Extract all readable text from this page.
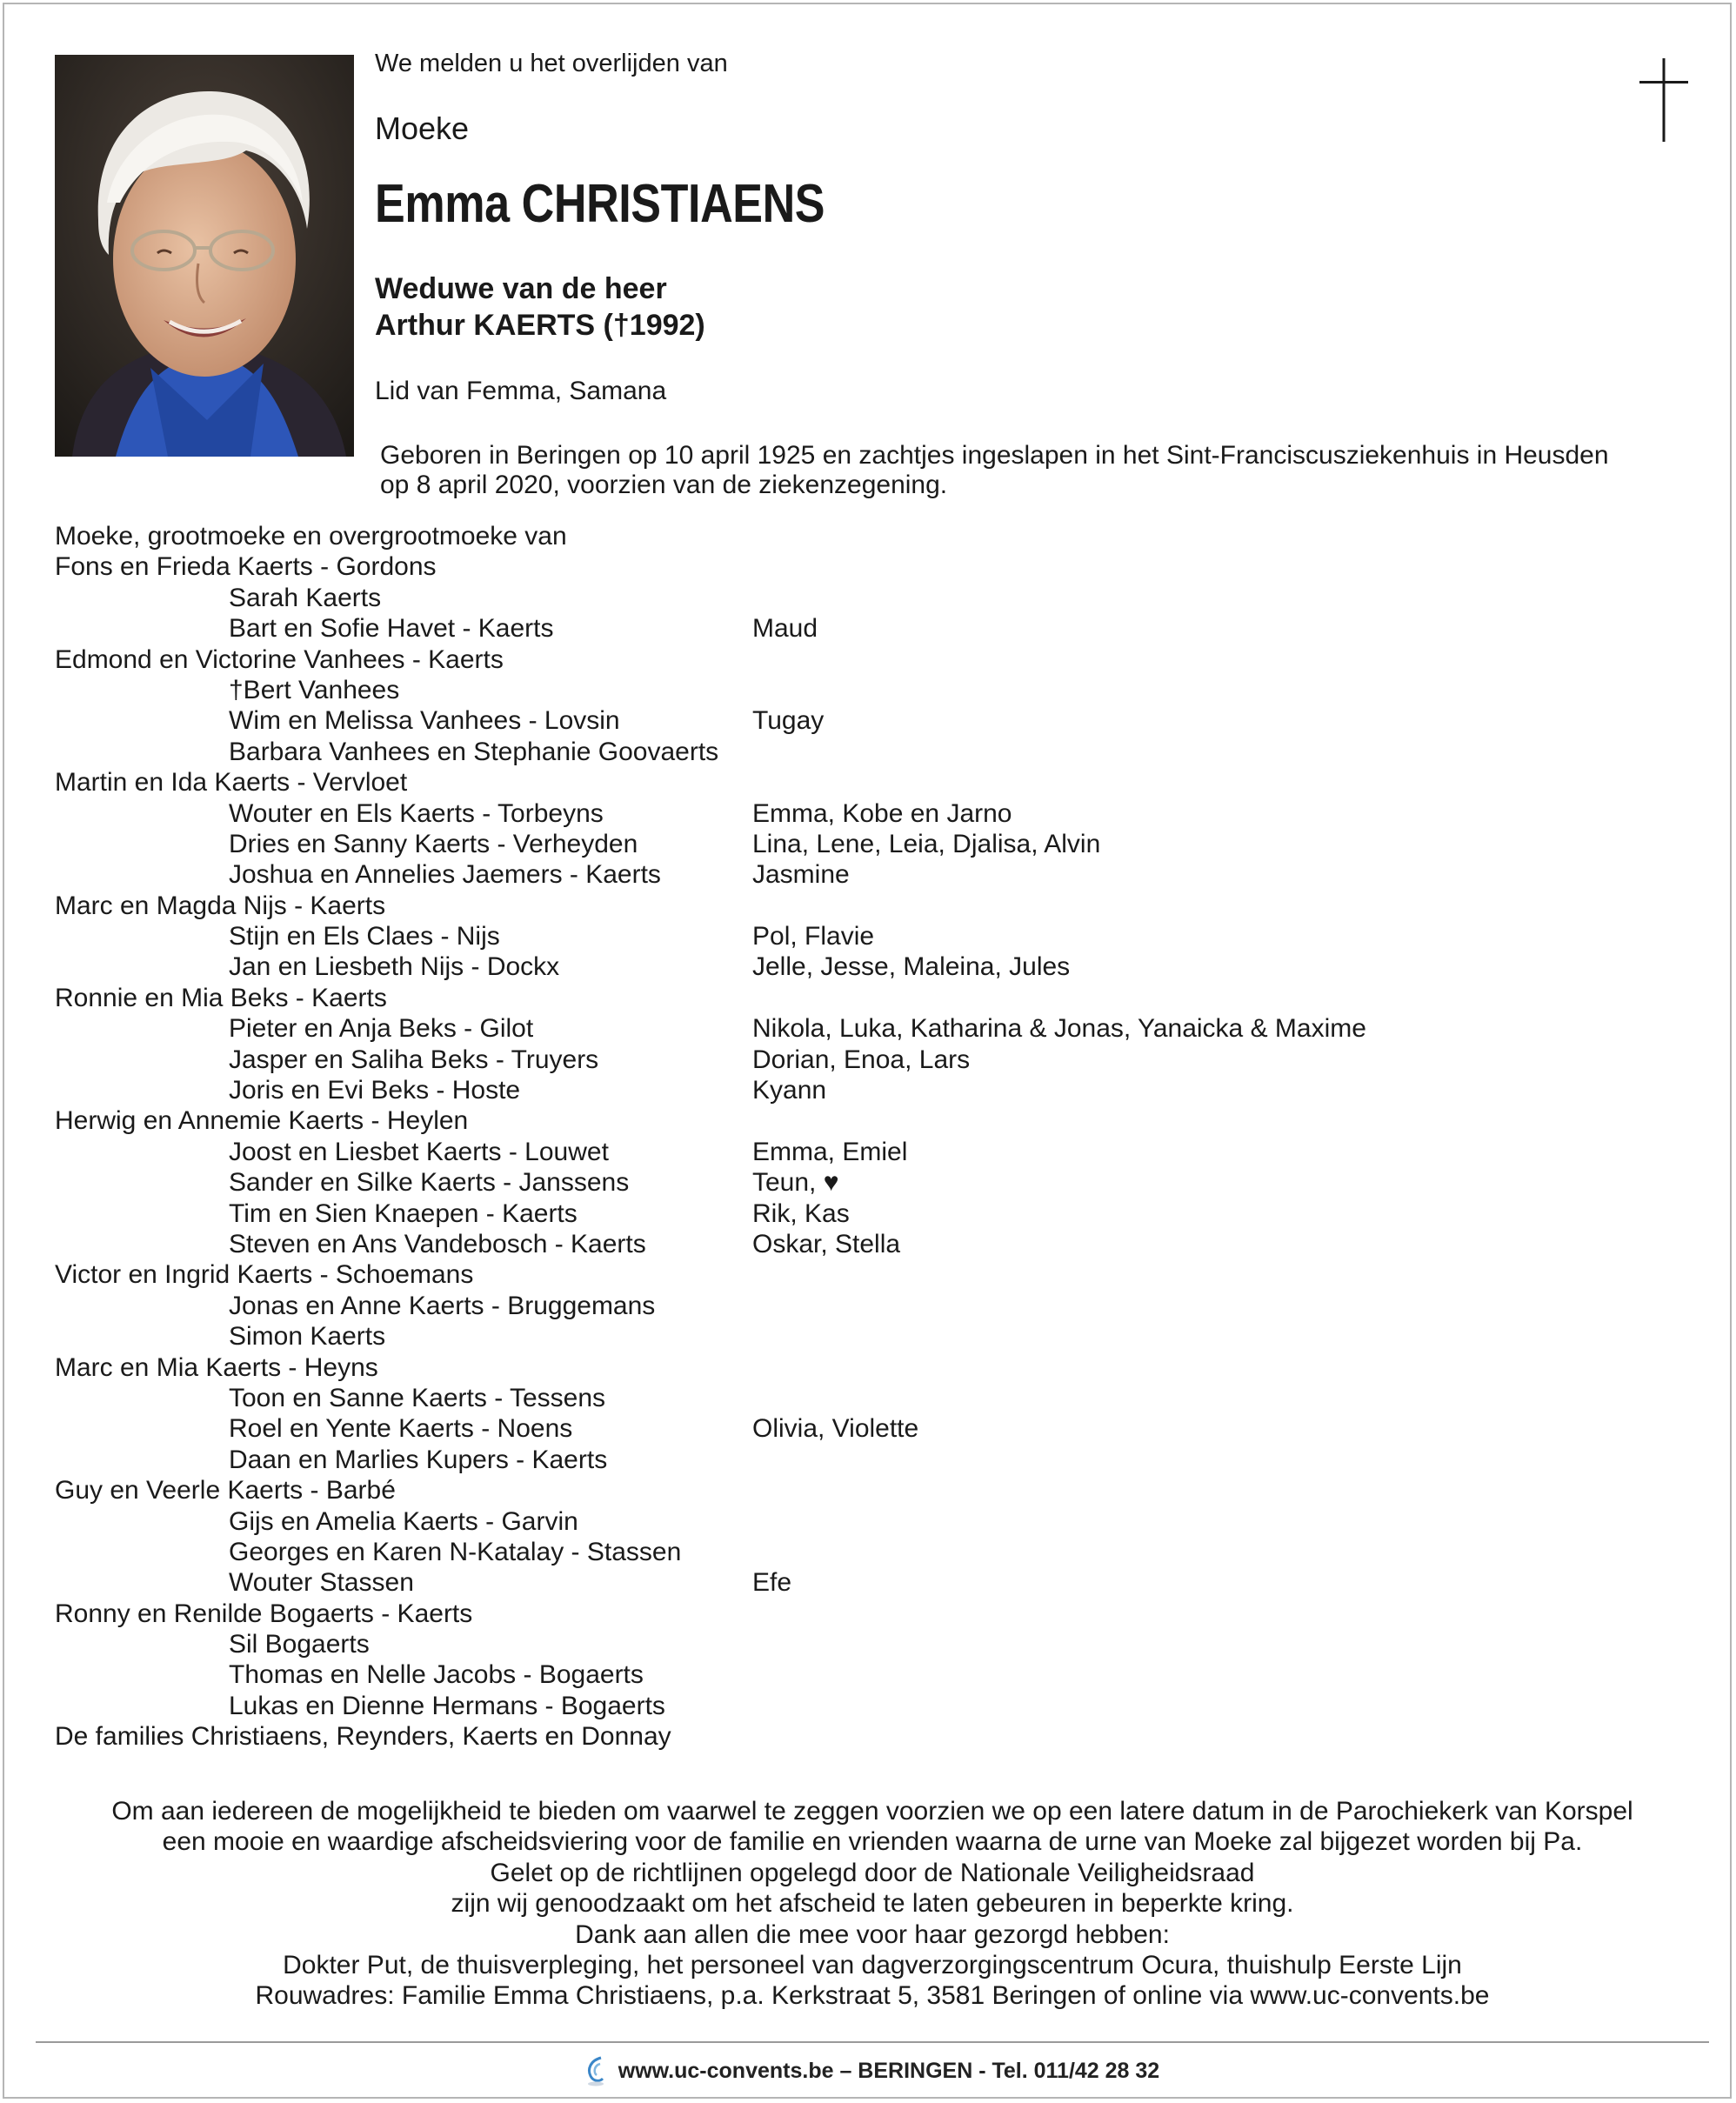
We melden u het overlijden van
Moeke
Emma CHRISTIAENS
Weduwe van de heer
Arthur KAERTS (†1992)
Lid van Femma, Samana
Geboren in Beringen op 10 april 1925 en zachtjes ingeslapen in het Sint-Franciscusziekenhuis in Heusden
op 8 april 2020, voorzien van de ziekenzegening.
Moeke, grootmoeke en overgrootmoeke van
Fons en Frieda Kaerts - Gordons
Sarah Kaerts
Bart en Sofie Havet - Kaerts	Maud
Edmond en Victorine Vanhees - Kaerts
†Bert Vanhees
Wim en Melissa Vanhees - Lovsin	Tugay
Barbara Vanhees en Stephanie Goovaerts
Martin en Ida Kaerts - Vervloet
Wouter en Els Kaerts - Torbeyns	Emma, Kobe en Jarno
Dries en Sanny Kaerts - Verheyden	Lina, Lene, Leia, Djalisa, Alvin
Joshua en Annelies Jaemers - Kaerts	Jasmine
Marc en Magda Nijs - Kaerts
Stijn en Els Claes - Nijs	Pol, Flavie
Jan en Liesbeth Nijs - Dockx	Jelle, Jesse, Maleina, Jules
Ronnie en Mia Beks - Kaerts
Pieter en Anja Beks - Gilot	Nikola, Luka, Katharina & Jonas, Yanaicka & Maxime
Jasper en Saliha Beks - Truyers	Dorian, Enoa, Lars
Joris en Evi Beks - Hoste	Kyann
Herwig en Annemie Kaerts - Heylen
Joost en Liesbet Kaerts - Louwet	Emma, Emiel
Sander en Silke Kaerts - Janssens	Teun, ♥
Tim en Sien Knaepen - Kaerts	Rik, Kas
Steven en Ans Vandebosch - Kaerts	Oskar, Stella
Victor en Ingrid Kaerts - Schoemans
Jonas en Anne Kaerts - Bruggemans
Simon Kaerts
Marc en Mia Kaerts - Heyns
Toon en Sanne Kaerts - Tessens
Roel en Yente Kaerts - Noens	Olivia, Violette
Daan en Marlies Kupers - Kaerts
Guy en Veerle Kaerts - Barbé
Gijs en Amelia Kaerts - Garvin
Georges en Karen N-Katalay - Stassen
Wouter Stassen	Efe
Ronny en Renilde Bogaerts - Kaerts
Sil Bogaerts
Thomas en Nelle Jacobs - Bogaerts
Lukas en Dienne Hermans - Bogaerts
De families Christiaens, Reynders, Kaerts en Donnay
Om aan iedereen de mogelijkheid te bieden om vaarwel te zeggen voorzien we op een latere datum in de Parochiekerk van Korspel
een mooie en waardige afscheidsviering voor de familie en vrienden waarna de urne van Moeke zal bijgezet worden bij Pa.
Gelet op de richtlijnen opgelegd door de Nationale Veiligheidsraad
zijn wij genoodzaakt om het afscheid te laten gebeuren in beperkte kring.
Dank aan allen die mee voor haar gezorgd hebben:
Dokter Put, de thuisverpleging, het personeel van dagverzorgingscentrum Ocura, thuishulp Eerste Lijn
Rouwadres: Familie Emma Christiaens, p.a. Kerkstraat 5, 3581 Beringen of online via www.uc-convents.be
www.uc-convents.be – BERINGEN - Tel. 011/42 28 32
